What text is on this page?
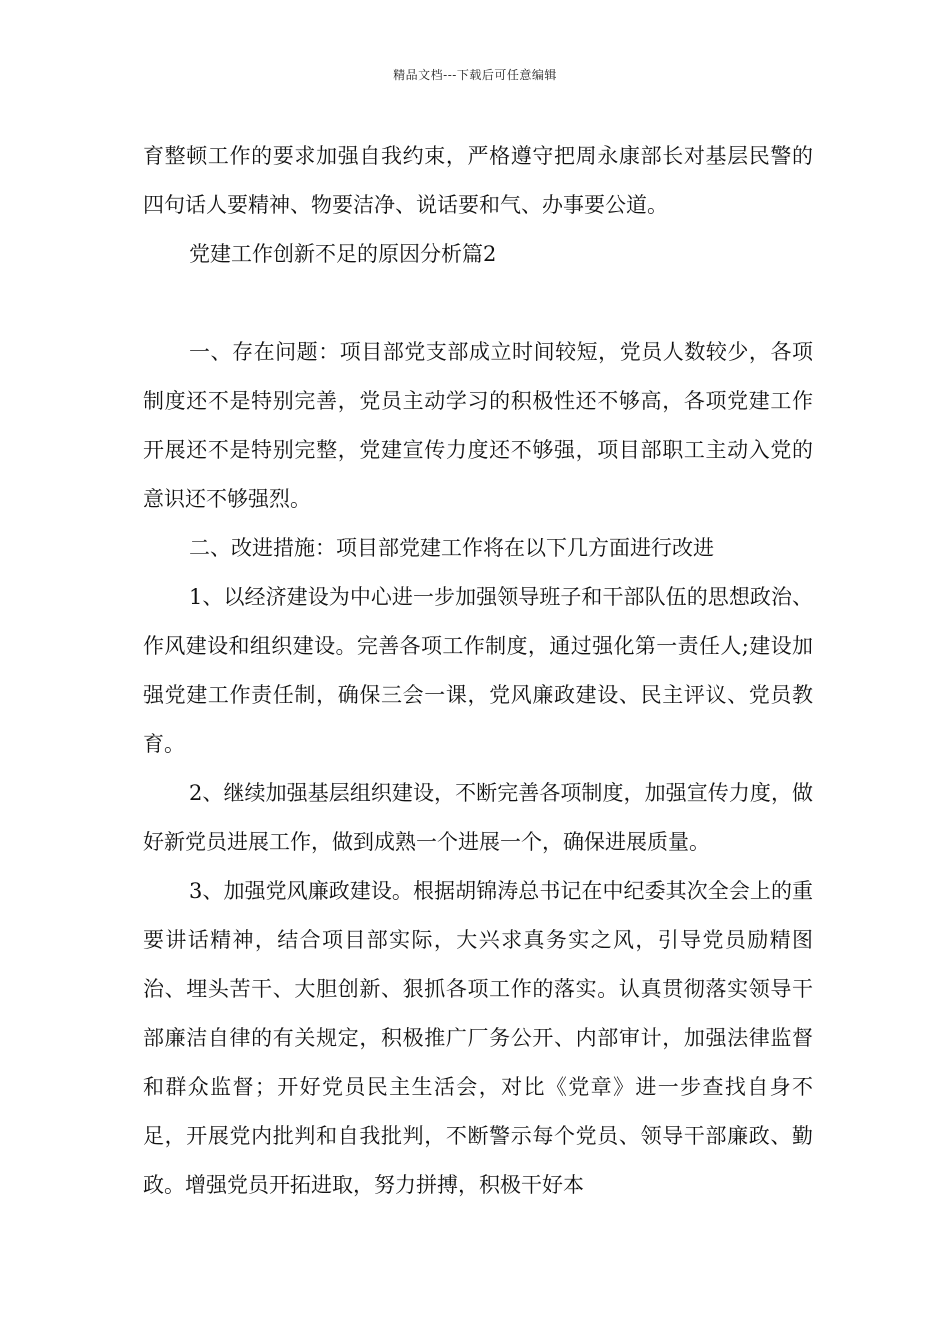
精品文档---下载后可任意编辑

育整顿工作的要求加强自我约束，严格遵守把周永康部长对基层民警的四句话人要精神、物要洁净、说话要和气、办事要公道。

党建工作创新不足的原因分析篇2

一、存在问题：项目部党支部成立时间较短，党员人数较少，各项制度还不是特别完善，党员主动学习的积极性还不够高，各项党建工作开展还不是特别完整，党建宣传力度还不够强，项目部职工主动入党的意识还不够强烈。

二、改进措施：项目部党建工作将在以下几方面进行改进

1、以经济建设为中心进一步加强领导班子和干部队伍的思想政治、作风建设和组织建设。完善各项工作制度，通过强化第一责任人;建设加强党建工作责任制，确保三会一课，党风廉政建设、民主评议、党员教育。

2、继续加强基层组织建设，不断完善各项制度，加强宣传力度，做好新党员进展工作，做到成熟一个进展一个，确保进展质量。

3、加强党风廉政建设。根据胡锦涛总书记在中纪委其次全会上的重要讲话精神，结合项目部实际，大兴求真务实之风，引导党员励精图治、埋头苦干、大胆创新、狠抓各项工作的落实。认真贯彻落实领导干部廉洁自律的有关规定，积极推广厂务公开、内部审计，加强法律监督和群众监督；开好党员民主生活会，对比《党章》进一步查找自身不足，开展党内批判和自我批判，不断警示每个党员、领导干部廉政、勤政。增强党员开拓进取，努力拼搏，积极干好本
